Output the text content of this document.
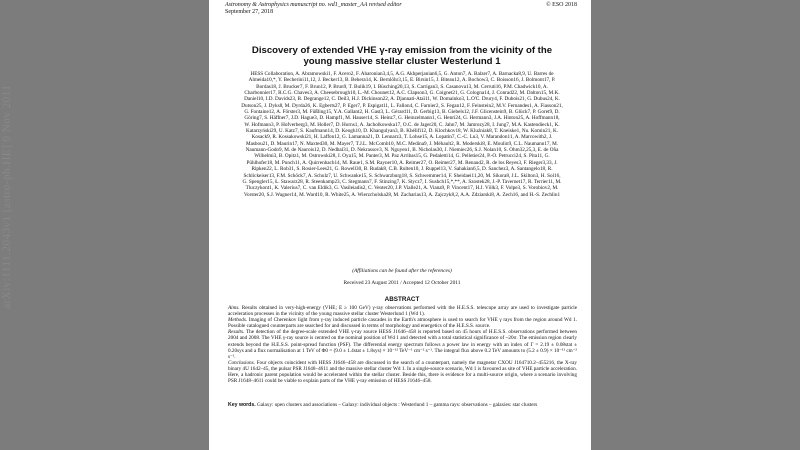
Astronomy & Astrophysics manuscript no. wd1_master_AA revised editor
September 27, 2018
© ESO 2018
Discovery of extended VHE γ-ray emission from the vicinity of the young massive stellar cluster Westerlund 1
HESS Collaboration, A. Abramowski1, F. Acero2, F. Aharonian3,4,5, A.G. Akhperjanian6,5, G. Anton7, A. Balzer7, A. Barnacka8,9, U. Barres de Almeida10,*, Y. Becherini11,12, J. Becker13, B. Behera14, K. Bernlöhr3,15, E. Birsin15, J. Biteau12, A. Bochow3, C. Boisson16, J. Bolmont17, P. Bordas18, J. Brucker7, F. Brun12, P. Brun9, T. Bulik19, I. Büsching20,13, S. Carrigan3, S. Casanova13, M. Cerruti16, P.M. Chadwick10, A. Charbonnier17, R.C.G. Chaves3, A. Cheesebrough10, L.-M. Chounet12, A.C. Clapson3, G. Coignet21, G. Cologna14, J. Conrad22, M. Dalton15, M.K. Daniel10, I.D. Davids23, B. Degrange12, C. Deil3, H.J. Dickinson22, A. Djannati-Ataï11, W. Domainko3, L.O'C. Drury4, F. Dubois21, G. Dubus24, K. Dutson25, J. Dyks8, M. Dyrda26, K. Egberts27, P. Eger7, P. Espigat11, L. Fallon4, C. Farnier2, S. Fegan12, F. Feinstein2, M.V. Fernandes1, A. Fiasson21, G. Fontaine12, A. Förster3, M. Füßling15, Y.A. Gallant2, H. Gast3, L. Gérard11, D. Gerbig13, B. Giebels12, J.F. Glicenstein9, B. Glück7, P. Goret9, D. Göring7, S. Häffner7, J.D. Hague3, D. Hampf1, M. Hauser14, S. Heinz7, G. Heinzelmann1, G. Henri24, G. Hermann3, J.A. Hinton25, A. Hoffmann18, W. Hofmann3, P. Hofverberg3, M. Holler7, D. Horns1, A. Jacholkowska17, O.C. de Jager20, C. Jahn7, M. Jamrozy28, I. Jung7, M.A. Kastendieck1, K. Katarzyński29, U. Katz7, S. Kaufmann14, D. Keogh10, D. Khangulyan3, B. Khélifi12, D. Klochkov18, W. Kluźniak8, T. Kneiske1, Nu. Komin21, K. Kosack9, R. Kossakowski21, H. Laffon12, G. Lamanna21, D. Lennarz3, T. Lohse15, A. Lopatin7, C.-C. Lu3, V. Marandon11, A. Marcowith2, J. Masbou21, D. Maurin17, N. Maxted30, M. Mayer7, T.J.L. McComb10, M.C. Medina9, J. Méhault2, R. Moderski8, E. Moulin9, C.L. Naumann17, M. Naumann-Godo9, M. de Naurois12, D. Nedbal31, D. Nekrassov3, N. Nguyen1, B. Nicholas30, J. Niemiec26, S.J. Nolan10, S. Ohm32,25,3, E. de Oña Wilhelmi3, B. Opitz1, M. Ostrowski28, I. Oya15, M. Panter3, M. Paz Arribas15, G. Pedaletti14, G. Pelletier24, P.-O. Petrucci24, S. Pita11, G. Pühlhofer18, M. Punch11, A. Quirrenbach14, M. Raue1, S.M. Rayner10, A. Reimer27, O. Reimer27, M. Renaud2, R. de los Reyes3, F. Rieger3,33, J. Ripken22, L. Rob31, S. Rosier-Lees21, G. Rowell30, B. Rudak8, C.B. Rulten10, J. Ruppel13, V. Sahakian6,5, D. Sanchez3, A. Santangelo18, R. Schlickeiser13, F.M. Schöck7, A. Schulz7, U. Schwanke15, S. Schwarzburg18, S. Schwemmer14, F. Sheidaei11,20, M. Sikora8, J.L. Skilton3, H. Sol16, G. Spengler15, Ł. Stawarz28, R. Steenkamp23, C. Stegmann7, F. Stinzing7, K. Stycz7, I. Sushch15,*,**, A. Szostek28, J.-P. Tavernet17, R. Terrier11, M. Tluczykont1, K. Valerius7, C. van Eldik3, G. Vasileiadis2, C. Venter20, J.P. Vialle21, A. Viana9, P. Vincent17, H.J. Völk3, F. Volpe3, S. Vorobiov2, M. Vorster20, S.J. Wagner14, M. Ward10, R. White25, A. Wierzcholska28, M. Zacharias13, A. Zajczyk8,2, A.A. Zdziarski8, A. Zech16, and H.-S. Zechlin1
(Affiliations can be found after the references)
Received 23 August 2011 / Accepted 12 October 2011
ABSTRACT

Aims. Results obtained in very-high-energy (VHE; E ≥ 100 GeV) γ-ray observations performed with the H.E.S.S. telescope array are used to investigate particle acceleration processes in the vicinity of the young massive stellar cluster Westerlund 1 (Wd 1).

Methods. Imaging of Cherenkov light from γ-ray induced particle cascades in the Earth's atmosphere is used to search for VHE γ rays from the region around Wd 1. Possible catalogued counterparts are searched for and discussed in terms of morphology and energetics of the H.E.S.S. source.

Results. The detection of the degree-scale extended VHE γ-ray source HESS J1646–458 is reported based on 45 hours of H.E.S.S. observations performed between 2004 and 2008. The VHE γ-ray source is centred on the nominal position of Wd 1 and detected with a total statistical significance of ~20σ. The emission region clearly extends beyond the H.E.S.S. point-spread function (PSF). The differential energy spectrum follows a power law in energy with an index of Γ = 2.19 ± 0.08stat ± 0.20sys and a flux normalisation at 1 TeV of Φ0 = (9.0 ± 1.4stat ± 1.8sys) × 10⁻¹² TeV⁻¹ cm⁻² s⁻¹. The integral flux above 0.2 TeV amounts to (5.2 ± 0.9) × 10⁻¹¹ cm⁻² s⁻¹.

Conclusions. Four objects coincident with HESS J1646–458 are discussed in the search of a counterpart, namely the magnetar CXOU J164710.2–455216, the X-ray binary 4U 1642–45, the pulsar PSR J1648–4611 and the massive stellar cluster Wd 1. In a single-source scenario, Wd 1 is favoured as site of VHE particle acceleration. Here, a hadronic parent population would be accelerated within the stellar cluster. Beside this, there is evidence for a multi-source origin, where a scenario involving PSR J1648–4611 could be viable to explain parts of the VHE γ-ray emission of HESS J1646–458.

Key words. Galaxy: open clusters and associations – Galaxy: individual objects : Westerlund 1 – gamma rays: observations – galaxies: star clusters
arXiv:1111.2043v1 [astro-ph.HE] 9 Nov 2011
